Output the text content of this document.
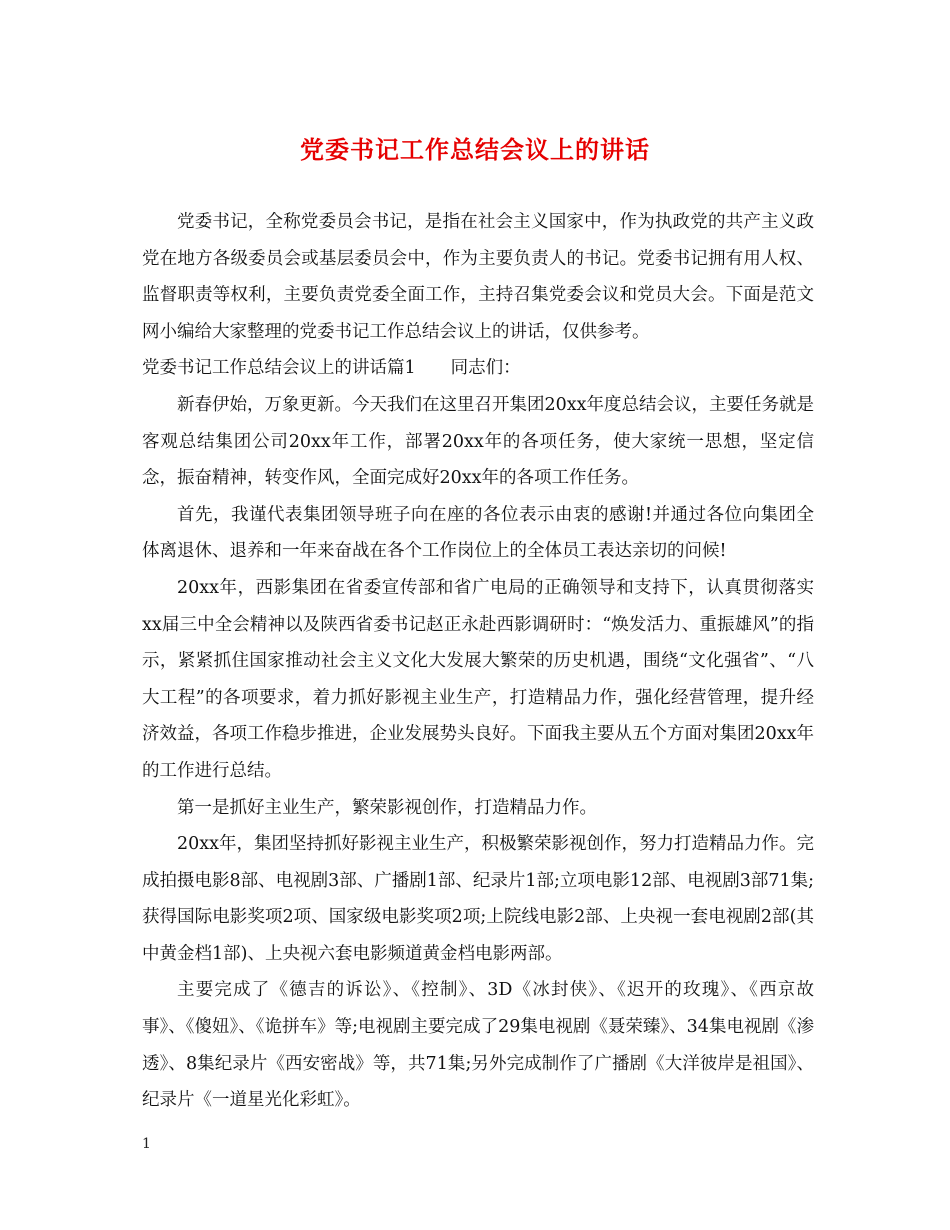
党委书记工作总结会议上的讲话

党委书记，全称党委员会书记，是指在社会主义国家中，作为执政党的共产主义政党在地方各级委员会或基层委员会中，作为主要负责人的书记。党委书记拥有用人权、监督职责等权利，主要负责党委全面工作，主持召集党委会议和党员大会。下面是范文网小编给大家整理的党委书记工作总结会议上的讲话，仅供参考。

党委书记工作总结会议上的讲话篇1　　同志们：

新春伊始，万象更新。今天我们在这里召开集团20xx年度总结会议，主要任务就是客观总结集团公司20xx年工作，部署20xx年的各项任务，使大家统一思想，坚定信念，振奋精神，转变作风，全面完成好20xx年的各项工作任务。

首先，我谨代表集团领导班子向在座的各位表示由衷的感谢!并通过各位向集团全体离退休、退养和一年来奋战在各个工作岗位上的全体员工表达亲切的问候!

20xx年，西影集团在省委宣传部和省广电局的正确领导和支持下，认真贯彻落实xx届三中全会精神以及陕西省委书记赵正永赴西影调研时：“焕发活力、重振雄风”的指示，紧紧抓住国家推动社会主义文化大发展大繁荣的历史机遇，围绕“文化强省”、“八大工程”的各项要求，着力抓好影视主业生产，打造精品力作，强化经营管理，提升经济效益，各项工作稳步推进，企业发展势头良好。下面我主要从五个方面对集团20xx年的工作进行总结。

第一是抓好主业生产，繁荣影视创作，打造精品力作。

20xx年，集团坚持抓好影视主业生产，积极繁荣影视创作，努力打造精品力作。完成拍摄电影8部、电视剧3部、广播剧1部、纪录片1部;立项电影12部、电视剧3部71集;获得国际电影奖项2项、国家级电影奖项2项;上院线电影2部、上央视一套电视剧2部(其中黄金档1部)、上央视六套电影频道黄金档电影两部。

主要完成了《德吉的诉讼》、《控制》、3D《冰封侠》、《迟开的玫瑰》、《西京故事》、《傻妞》、《诡拼车》等;电视剧主要完成了29集电视剧《聂荣臻》、34集电视剧《渗透》、8集纪录片《西安密战》等，共71集;另外完成制作了广播剧《大洋彼岸是祖国》、纪录片《一道星光化彩虹》。

1
